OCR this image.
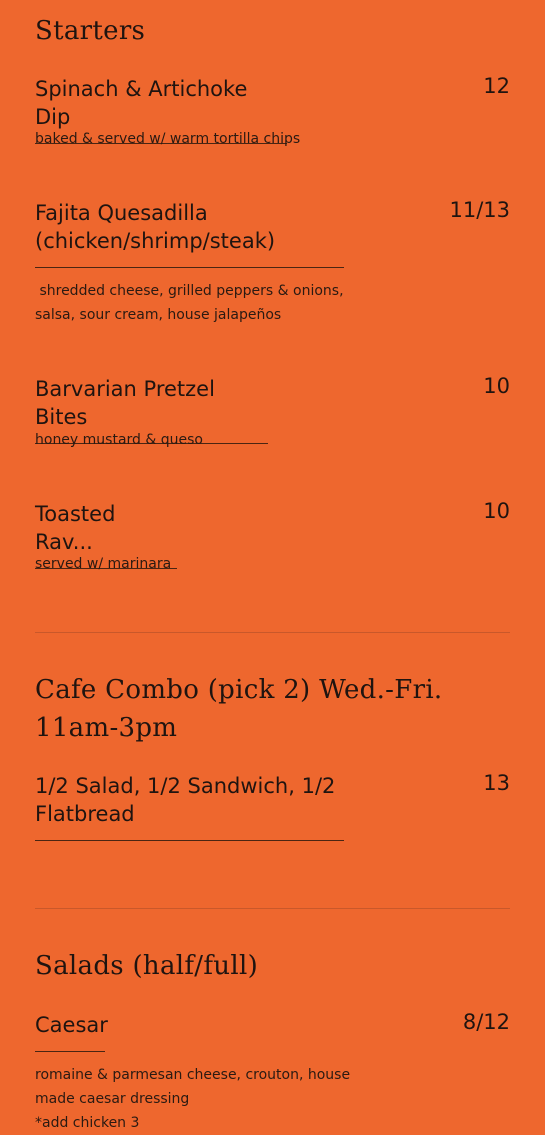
Starters
Spinach & Artichoke Dip
12
baked & served w/ warm tortilla chips
Fajita Quesadilla (chicken/shrimp/steak)
11/13
shredded cheese, grilled peppers & onions, salsa, sour cream, house jalapeños
Barvarian Pretzel Bites
10
honey mustard & queso
Toasted Rav...
10
served w/ marinara
Cafe Combo (pick 2) Wed.-Fri. 11am-3pm
1/2 Salad, 1/2 Sandwich, 1/2 Flatbread
13
Salads (half/full)
Caesar	8/12
romaine & parmesan cheese, crouton, house made caesar dressing
*add chicken 3
